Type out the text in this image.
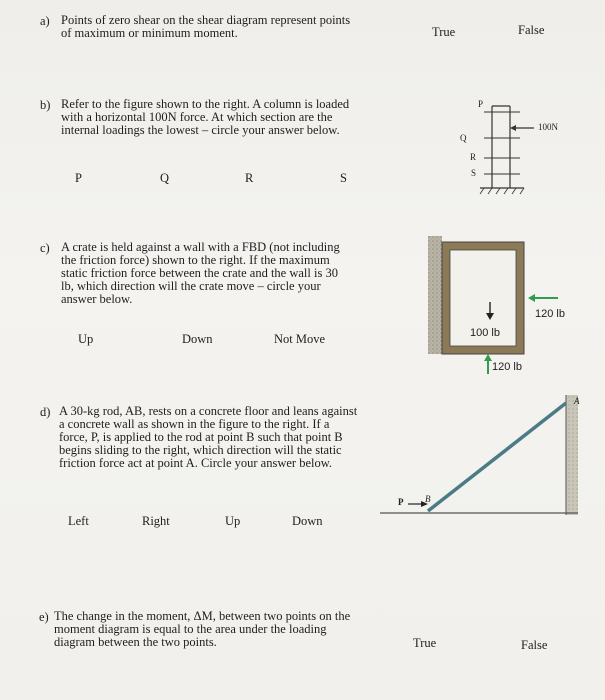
a) Points of zero shear on the shear diagram represent points of maximum or minimum moment.	True	False
b) Refer to the figure shown to the right. A column is loaded with a horizontal 100N force. At which section are the internal loadings the lowest – circle your answer below.
P	Q	R	S
P
Q
R
S
100N
c) A crate is held against a wall with a FBD (not including the friction force) shown to the right. If the maximum static friction force between the crate and the wall is 30 lb, which direction will the crate move – circle your answer below.
Up	Down	Not Move	100 lb
120 lb
120 lb
d) A 30-kg rod, AB, rests on a concrete floor and leans against a concrete wall as shown in the figure to the right. If a force, P, is applied to the rod at point B such that point B begins sliding to the right, which direction will the static friction force act at point A. Circle your answer below.
Left	Right	Up	Down
A
B
P
e) The change in the moment, ΔM, between two points on the moment diagram is equal to the area under the loading diagram between the two points.	True	False
